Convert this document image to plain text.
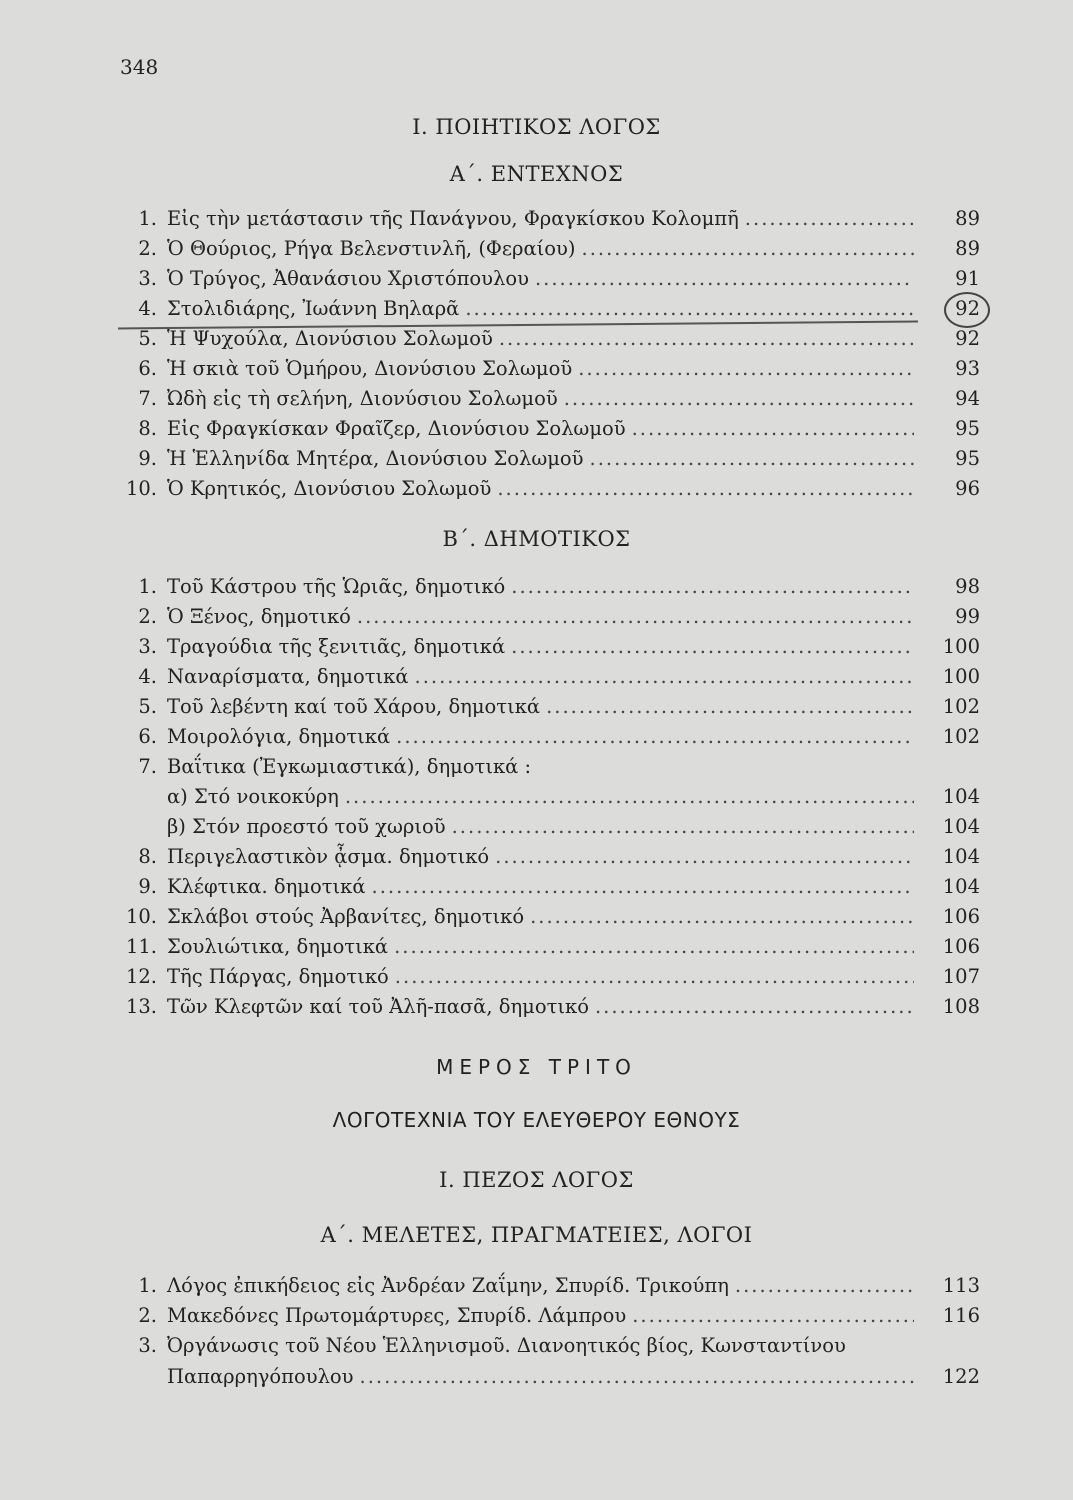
348
Ι. ΠΟΙΗΤΙΚΟΣ ΛΟΓΟΣ
Α΄. ΕΝΤΕΧΝΟΣ
1. Εἰς τὴν μετάστασιν τῆς Πανάγνου, Φραγκίσκου Κολομπῆ .....	89
2. Ὁ Θούριος, Ρήγα Βελενστινλῆ, (Φεραίου) .....	89
3. Ὁ Τρύγος, Ἀθανάσιου Χριστόπουλου .....	91
4. Στολιδιάρης, Ἰωάννη Βηλαρᾶ .....	92
5. Ἡ Ψυχούλα, Διονύσιου Σολωμοῦ .....	92
6. Ἡ σκιὰ τοῦ Ὁμήρου, Διονύσιου Σολωμοῦ .....	93
7. Ὠδὴ εἰς τὴ σελήνη, Διονύσιου Σολωμοῦ .....	94
8. Εἰς Φραγκίσκαν Φραῖζερ, Διονύσιου Σολωμοῦ .....	95
9. Ἡ Ἑλληνίδα Μητέρα, Διονύσιου Σολωμοῦ .....	95
10. Ὁ Κρητικός, Διονύσιου Σολωμοῦ .....	96
Β΄. ΔΗΜΟΤΙΚΟΣ
1. Τοῦ Κάστρου τῆς Ὡριᾶς, δημοτικό .....	98
2. Ὁ Ξένος, δημοτικό .....	99
3. Τραγούδια τῆς ξενιτιᾶς, δημοτικά .....	100
4. Ναναρίσματα, δημοτικά .....	100
5. Τοῦ λεβέντη καί τοῦ Χάρου, δημοτικά .....	102
6. Μοιρολόγια, δημοτικά .....	102
7. Βαΐτικα (Ἐγκωμιαστικά), δημοτικά :
α) Στό νοικοκύρη .....	104
β) Στόν προεστό τοῦ χωριοῦ .....	104
8. Περιγελαστικὸν ᾆσμα. δημοτικό .....	104
9. Κλέφτικα. δημοτικά .....	104
10. Σκλάβοι στούς Ἀρβανίτες, δημοτικό .....	106
11. Σουλιώτικα, δημοτικά .....	106
12. Τῆς Πάργας, δημοτικό .....	107
13. Τῶν Κλεφτῶν καί τοῦ Ἀλῆ-πασᾶ, δημοτικό .....	108
ΜΕΡΟΣ ΤΡΙΤΟ
ΛΟΓΟΤΕΧΝΙΑ ΤΟΥ ΕΛΕΥΘΕΡΟΥ ΕΘΝΟΥΣ
Ι. ΠΕΖΟΣ ΛΟΓΟΣ
Α΄. ΜΕΛΕΤΕΣ, ΠΡΑΓΜΑΤΕΙΕΣ, ΛΟΓΟΙ
1. Λόγος ἐπικήδειος εἰς Ἀνδρέαν Ζαΐμην, Σπυρίδ. Τρικούπη .....	113
2. Μακεδόνες Πρωτομάρτυρες, Σπυρίδ. Λάμπρου .....	116
3. Ὀργάνωσις τοῦ Νέου Ἑλληνισμοῦ. Διανοητικός βίος, Κωνσταντίνου
Παπαρρηγόπουλου .....	122
